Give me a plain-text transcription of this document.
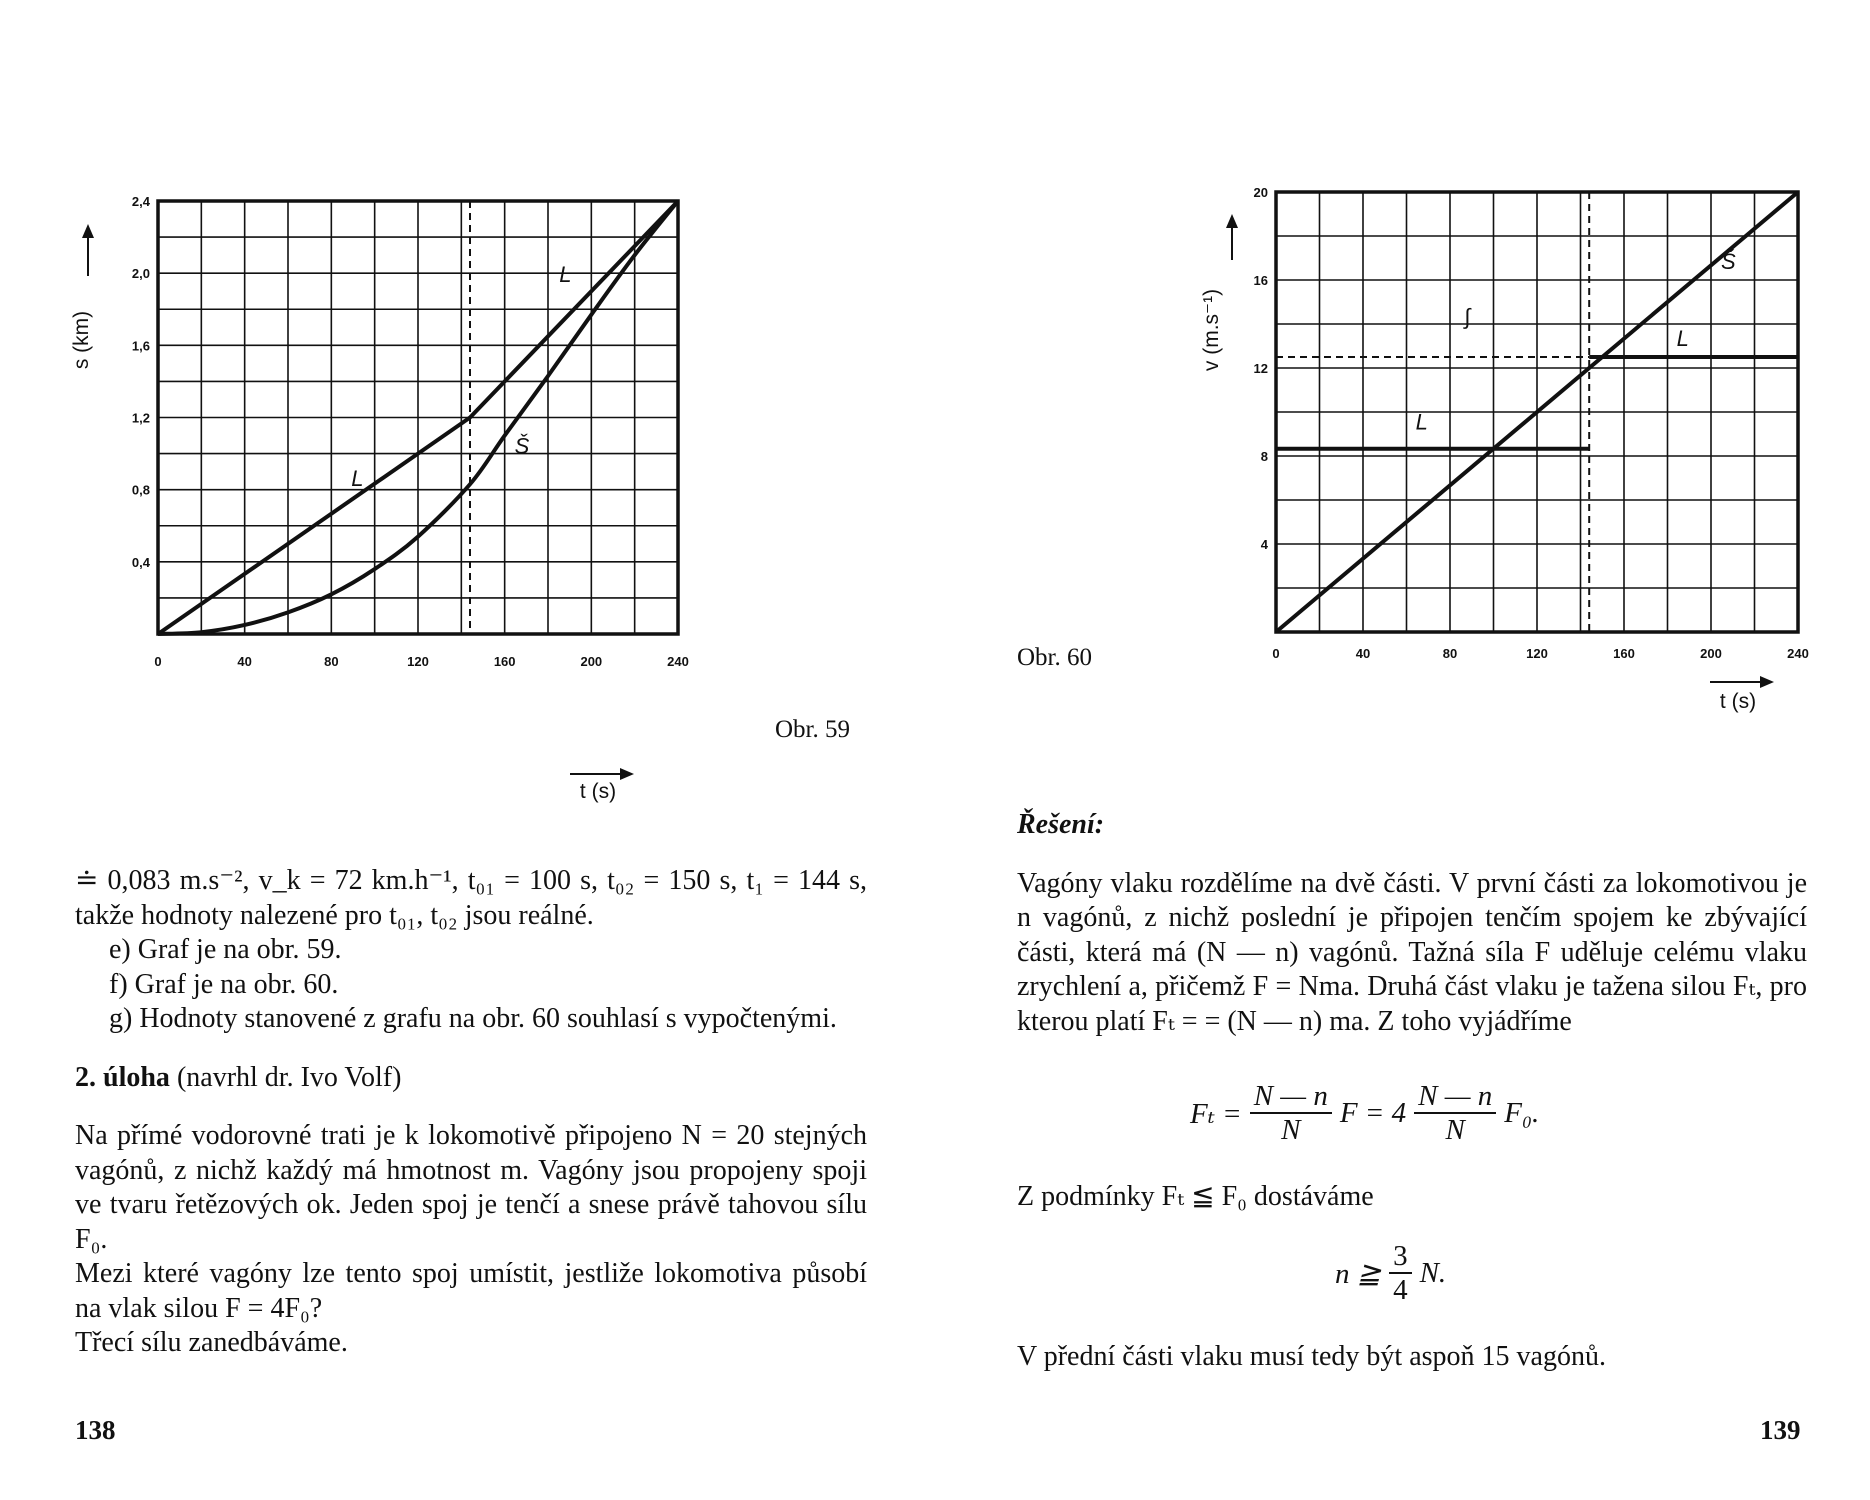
0	40	80	120	160	200	240
0,4
0,8
1,2
1,6
2,0
2,4
L
L
Š
s (km)
t (s)
Obr. 59

≐ 0,083 m.s⁻², v_k = 72 km.h⁻¹, t₀₁ = 100 s, t₀₂ = 150 s, t₁ = 144 s, takže hodnoty nalezené pro t₀₁, t₀₂ jsou reálné.

e) Graf je na obr. 59.

f) Graf je na obr. 60.

g) Hodnoty stanovené z grafu na obr. 60 souhlasí s vypočtenými.

2. úloha (navrhl dr. Ivo Volf)

Na přímé vodorovné trati je k lokomotivě připojeno N = 20 stejných vagónů, z nichž každý má hmotnost m. Vagóny jsou propojeny spoji ve tvaru řetězových ok. Jeden spoj je tenčí a snese právě tahovou sílu F₀.

Mezi které vagóny lze tento spoj umístit, jestliže lokomotiva působí na vlak silou F = 4F₀?

Třecí sílu zanedbáváme.

138
0	40	80	120	160	200	240
4
8
12
16
20
L
L
Š
∫
v (m.s⁻¹)
t (s)
Obr. 60

Řešení:

Vagóny vlaku rozdělíme na dvě části. V první části za lokomotivou je n vagónů, z nichž poslední je připojen tenčím spojem ke zbývající části, která má (N — n) vagónů. Tažná síla F uděluje celému vlaku zrychlení a, přičemž F = Nma. Druhá část vlaku je tažena silou Fₜ, pro kterou platí Fₜ = = (N — n) ma. Z toho vyjádříme

$F_t = \frac{N — n}{N}$ $F = 4 \frac{N — n}{N} F_0$.
Z podmínky Fₜ ≦ F₀ dostáváme
n ≧ $\frac{3}{4} N$.
V přední části vlaku musí tedy být aspoň 15 vagónů.
139
